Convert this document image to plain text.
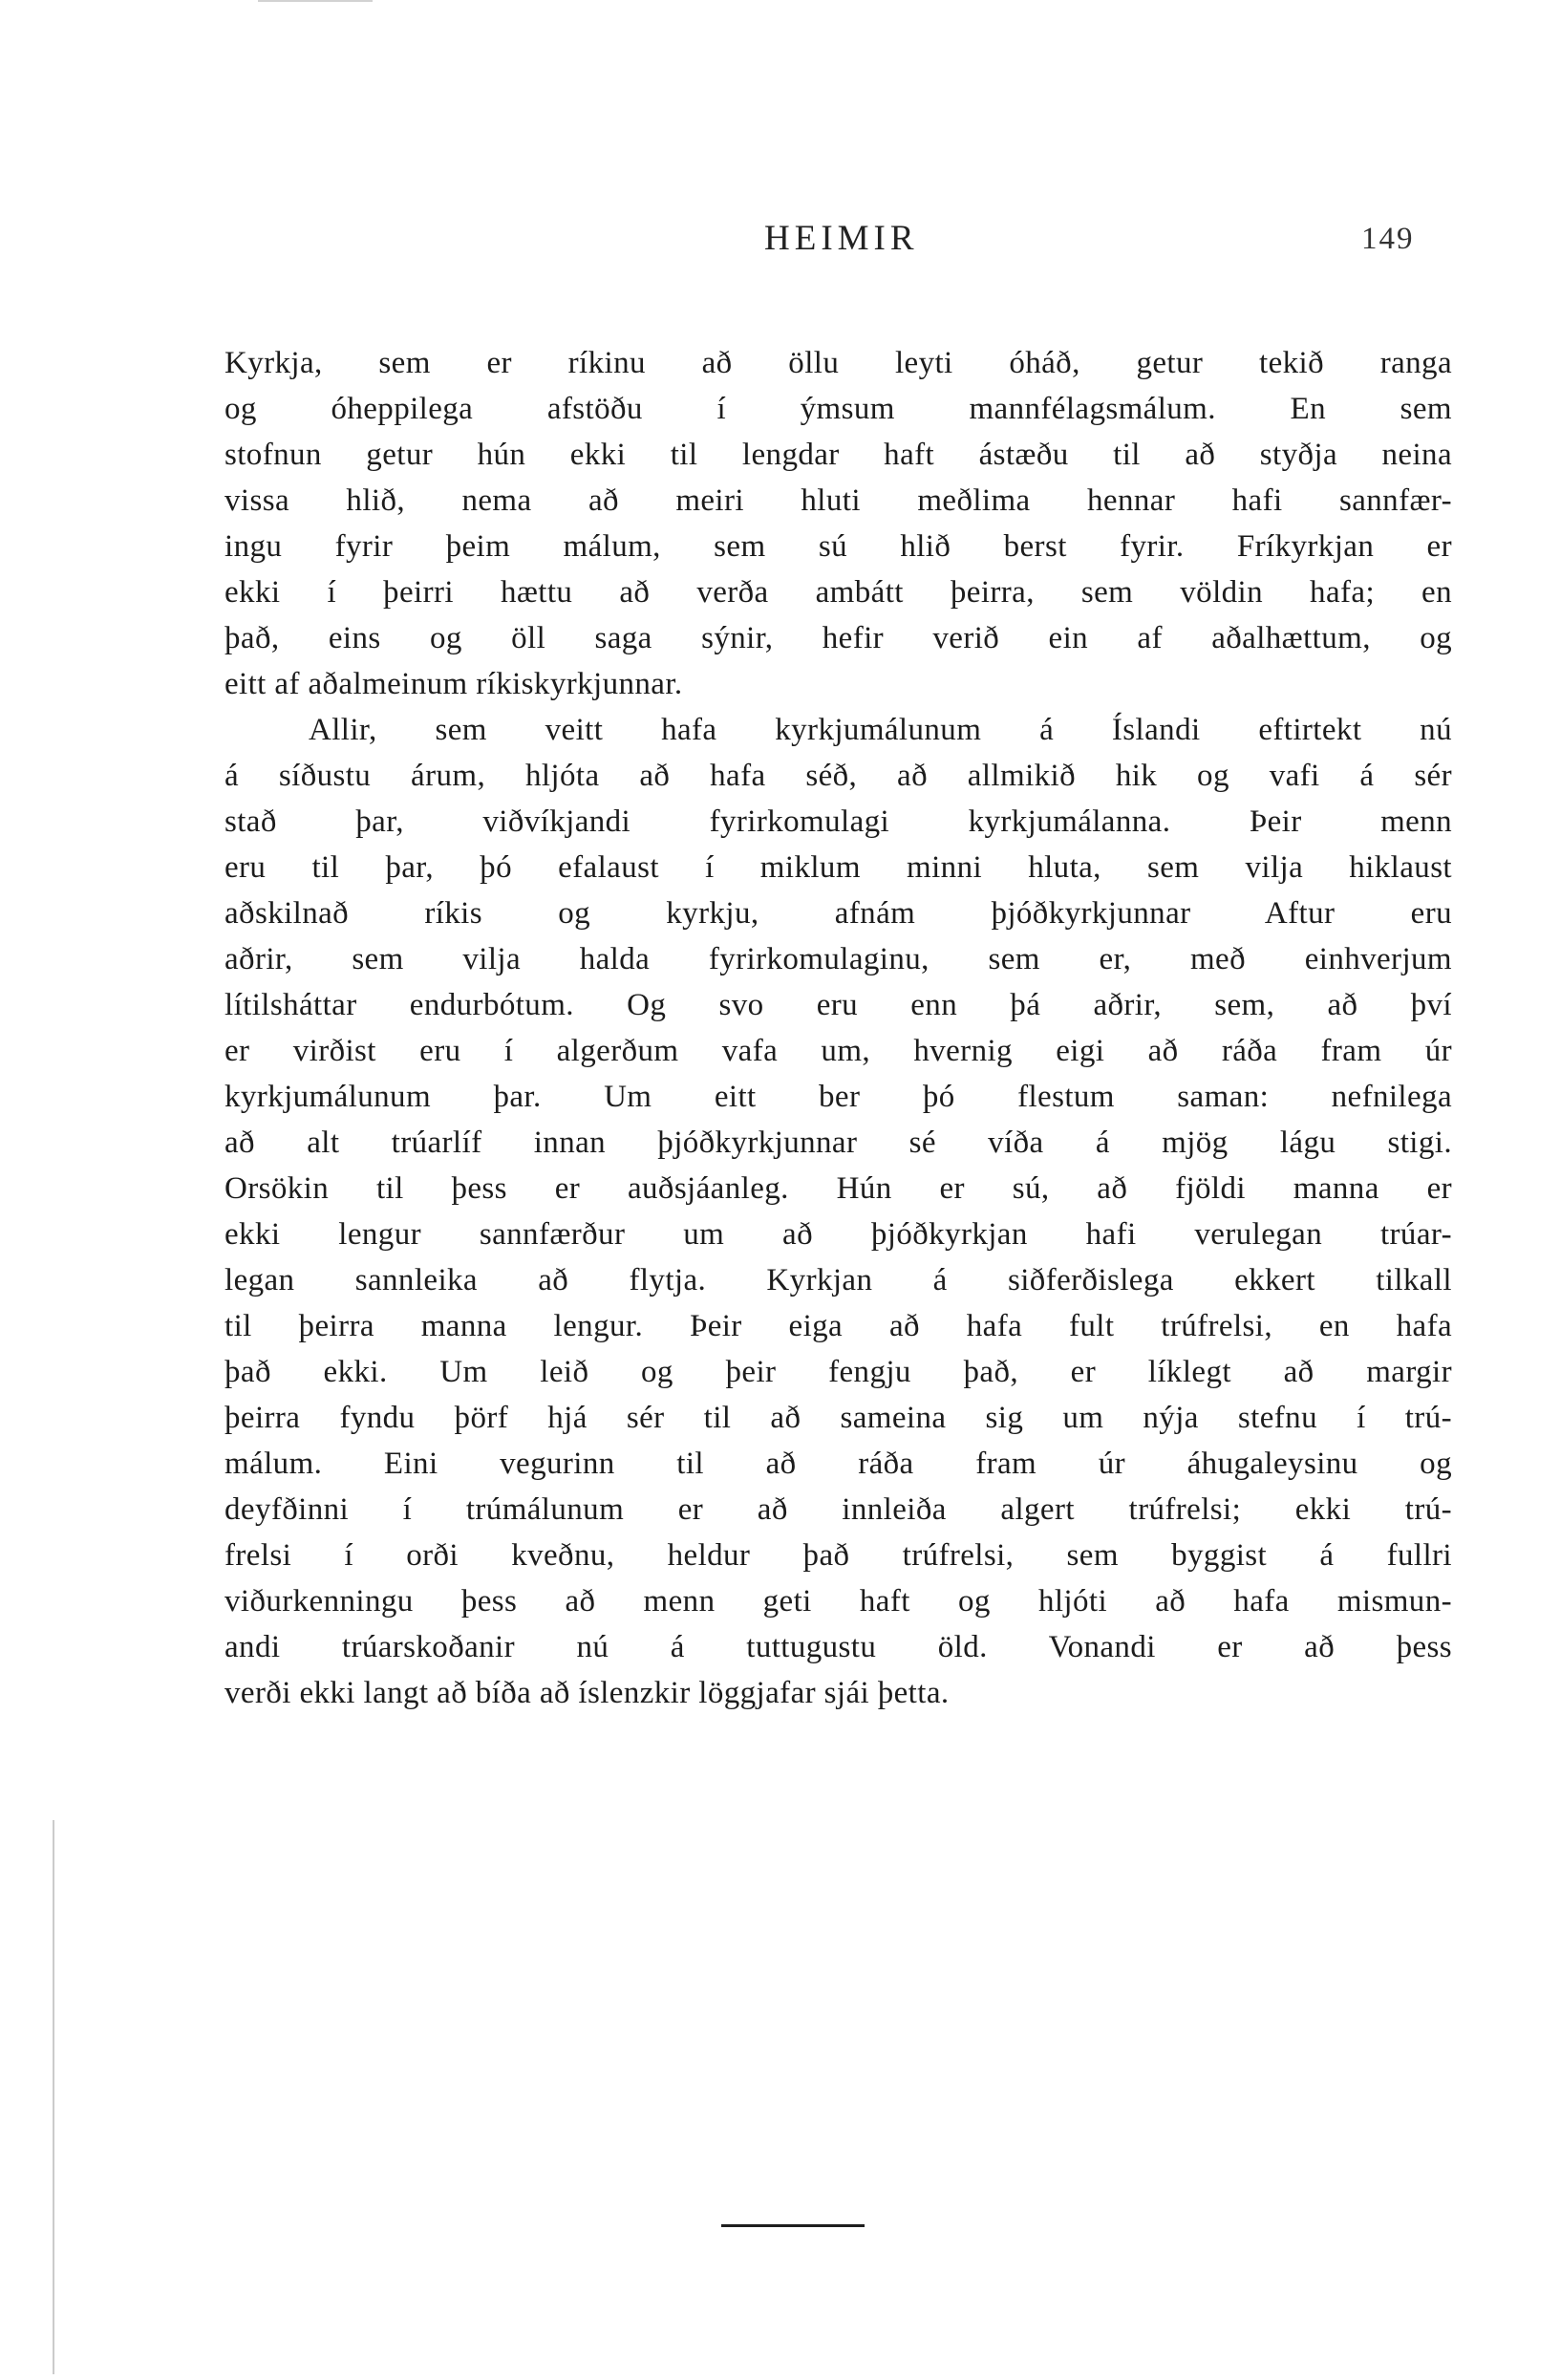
HEIMIR	149
Kyrkja, sem er ríkinu að öllu leyti óháð, getur tekið ranga
og óheppilega afstöðu í ýmsum mannfélagsmálum. En sem
stofnun getur hún ekki til lengdar haft ástæðu til að styðja neina
vissa hlið, nema að meiri hluti meðlima hennar hafi sannfær-
ingu fyrir þeim málum, sem sú hlið berst fyrir. Fríkyrkjan er
ekki í þeirri hættu að verða ambátt þeirra, sem völdin hafa; en
það, eins og öll saga sýnir, hefir verið ein af aðalhættum, og
eitt af aðalmeinum ríkiskyrkjunnar.
Allir, sem veitt hafa kyrkjumálunum á Íslandi eftirtekt nú
á síðustu árum, hljóta að hafa séð, að allmikið hik og vafi á sér
stað þar, viðvíkjandi fyrirkomulagi kyrkjumálanna. Þeir menn
eru til þar, þó efalaust í miklum minni hluta, sem vilja hiklaust
aðskilnað ríkis og kyrkju, afnám þjóðkyrkjunnar Aftur eru
aðrir, sem vilja halda fyrirkomulaginu, sem er, með einhverjum
lítilsháttar endurbótum. Og svo eru enn þá aðrir, sem, að því
er virðist eru í algerðum vafa um, hvernig eigi að ráða fram úr
kyrkjumálunum þar. Um eitt ber þó flestum saman: nefnilega
að alt trúarlíf innan þjóðkyrkjunnar sé víða á mjög lágu stigi.
Orsökin til þess er auðsjáanleg. Hún er sú, að fjöldi manna er
ekki lengur sannfærður um að þjóðkyrkjan hafi verulegan trúar-
legan sannleika að flytja. Kyrkjan á siðferðislega ekkert tilkall
til þeirra manna lengur. Þeir eiga að hafa fult trúfrelsi, en hafa
það ekki. Um leið og þeir fengju það, er líklegt að margir
þeirra fyndu þörf hjá sér til að sameina sig um nýja stefnu í trú-
málum. Eini vegurinn til að ráða fram úr áhugaleysinu og
deyfðinni í trúmálunum er að innleiða algert trúfrelsi; ekki trú-
frelsi í orði kveðnu, heldur það trúfrelsi, sem byggist á fullri
viðurkenningu þess að menn geti haft og hljóti að hafa mismun-
andi trúarskoðanir nú á tuttugustu öld. Vonandi er að þess
verði ekki langt að bíða að íslenzkir löggjafar sjái þetta.
